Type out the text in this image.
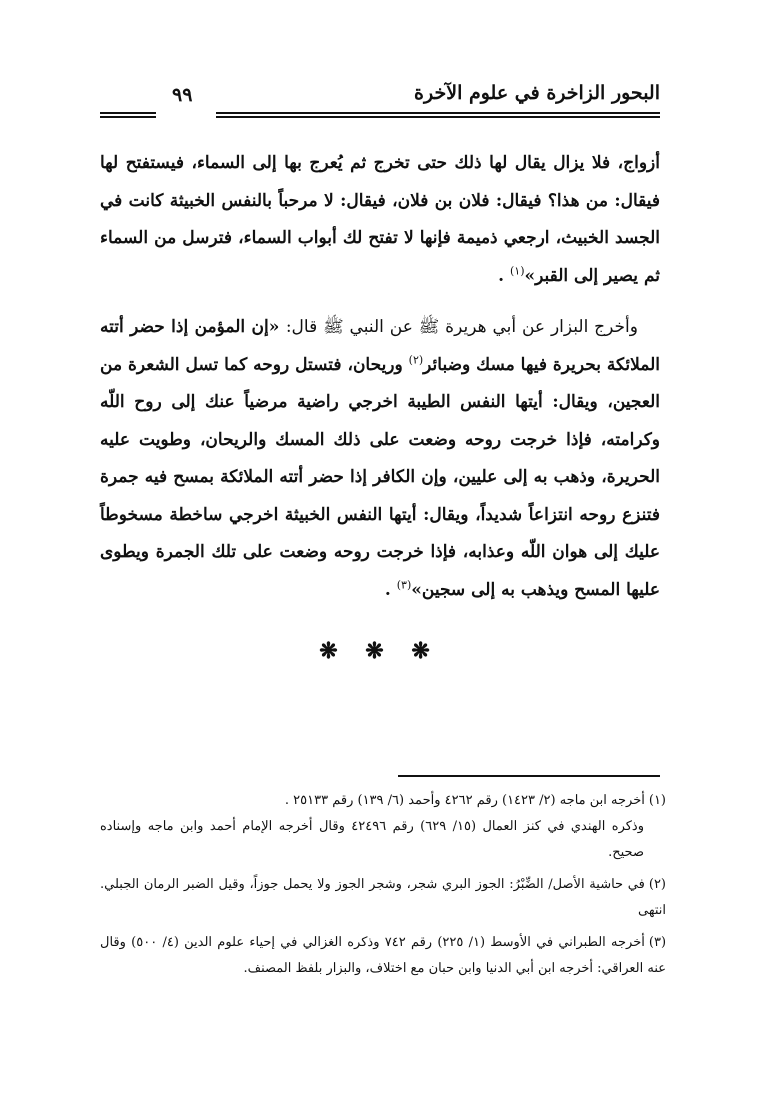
البحور الزاخرة في علوم الآخرة
٩٩

أزواج، فلا يزال يقال لها ذلك حتى تخرج ثم يُعرج بها إلى السماء، فيستفتح لها فيقال: من هذا؟ فيقال: فلان بن فلان، فيقال: لا مرحباً بالنفس الخبيثة كانت في الجسد الخبيث، ارجعي ذميمة فإنها لا تفتح لك أبواب السماء، فترسل من السماء ثم يصير إلى القبر»$^{(١)}$ .

وأخرج البزار عن أبي هريرة ﷺ عن النبي ﷺ قال: «إن المؤمن إذا حضر أتته الملائكة بحريرة فيها مسك وضبائر$^{(٢)}$ وريحان، فتستل روحه كما تسل الشعرة من العجين، ويقال: أيتها النفس الطيبة اخرجي راضية مرضياً عنك إلى روح اللّه وكرامته، فإذا خرجت روحه وضعت على ذلك المسك والريحان، وطويت عليه الحريرة، وذهب به إلى عليين، وإن الكافر إذا حضر أتته الملائكة بمسح فيه جمرة فتنزع روحه انتزاعاً شديداً، ويقال: أيتها النفس الخبيثة اخرجي ساخطة مسخوطاً عليك إلى هوان اللّه وعذابه، فإذا خرجت روحه وضعت على تلك الجمرة ويطوى عليها المسح ويذهب به إلى سجين»$^{(٣)}$ .

❋ ❋ ❋
(١)أخرجه ابن ماجه (٢/ ١٤٢٣) رقم ٤٢٦٢ وأحمد (٦/ ١٣٩) رقم ٢٥١٣٣ .
وذكره الهندي في كنز العمال (١٥/ ٦٢٩) رقم ٤٢٤٩٦ وقال أخرجه الإمام أحمد وابن ماجه وإسناده صحيح.
(٢)في حاشية الأصل/ الضِّبْرُ: الجوز البري شجر، وشجر الجوز ولا يحمل جوزاً، وقيل الضبر الرمان الجبلي. انتهى
(٣)أخرجه الطبراني في الأوسط (١/ ٢٢٥) رقم ٧٤٢ وذكره الغزالي في إحياء علوم الدين (٤/ ٥٠٠) وقال عنه العراقي: أخرجه ابن أبي الدنيا وابن حبان مع اختلاف، والبزار بلفظ المصنف.
